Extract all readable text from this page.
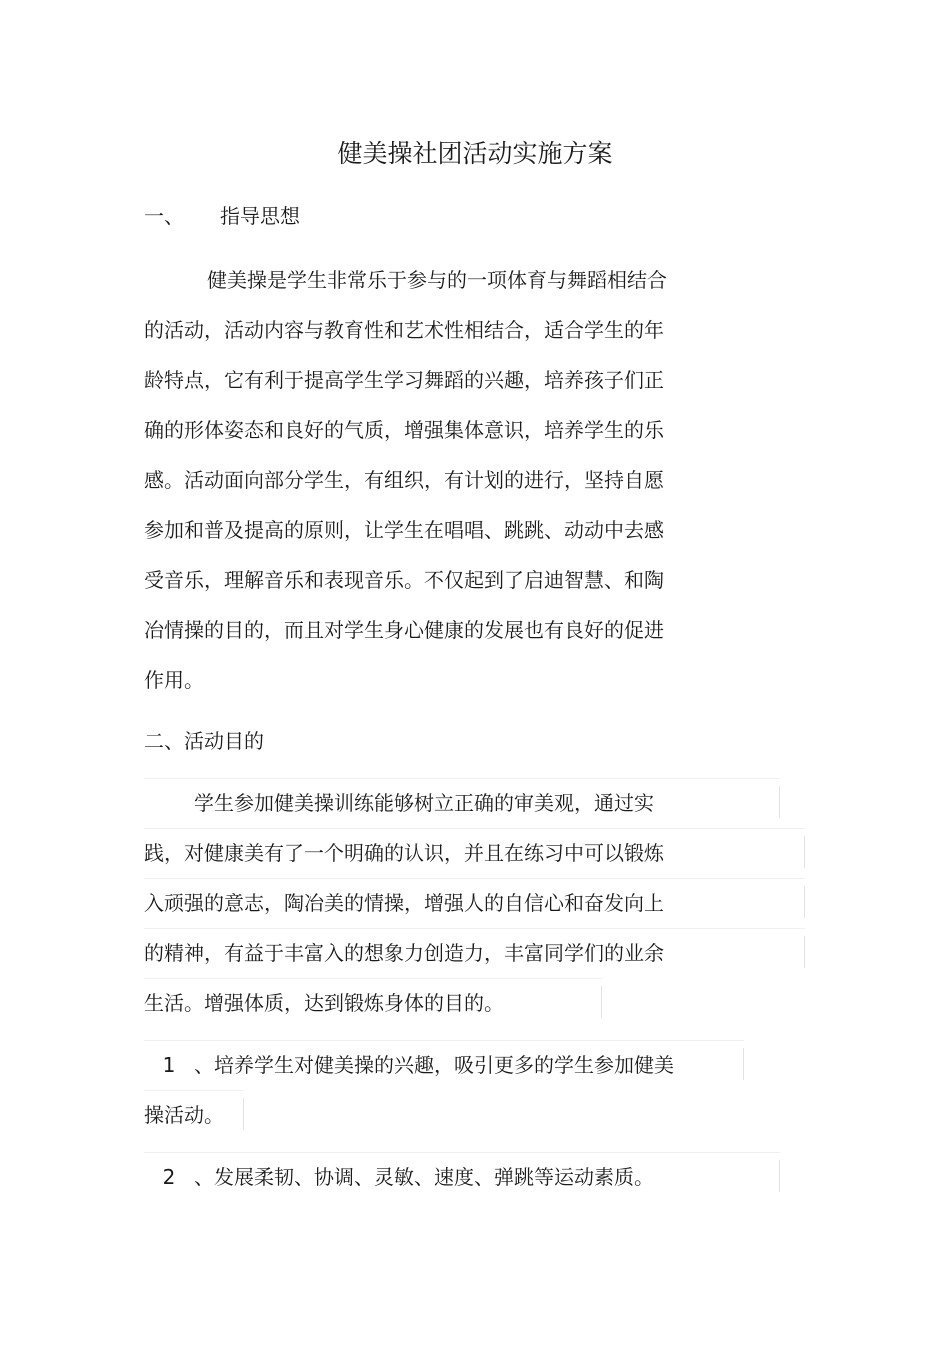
健美操社团活动实施方案
一、 指导思想
健美操是学生非常乐于参与的一项体育与舞蹈相结合
的活动，活动内容与教育性和艺术性相结合，适合学生的年
龄特点，它有利于提高学生学习舞蹈的兴趣，培养孩子们正
确的形体姿态和良好的气质，增强集体意识，培养学生的乐
感。活动面向部分学生，有组织，有计划的进行，坚持自愿
参加和普及提高的原则，让学生在唱唱、跳跳、动动中去感
受音乐，理解音乐和表现音乐。不仅起到了启迪智慧、和陶
冶情操的目的，而且对学生身心健康的发展也有良好的促进
作用。
二、活动目的
学生参加健美操训练能够树立正确的审美观，通过实
践，对健康美有了一个明确的认识，并且在练习中可以锻炼
入顽强的意志，陶冶美的情操，增强人的自信心和奋发向上
的精神，有益于丰富入的想象力创造力，丰富同学们的业余
生活。增强体质，达到锻炼身体的目的。
1 、培养学生对健美操的兴趣，吸引更多的学生参加健美
操活动。
2 、发展柔韧、协调、灵敏、速度、弹跳等运动素质。
